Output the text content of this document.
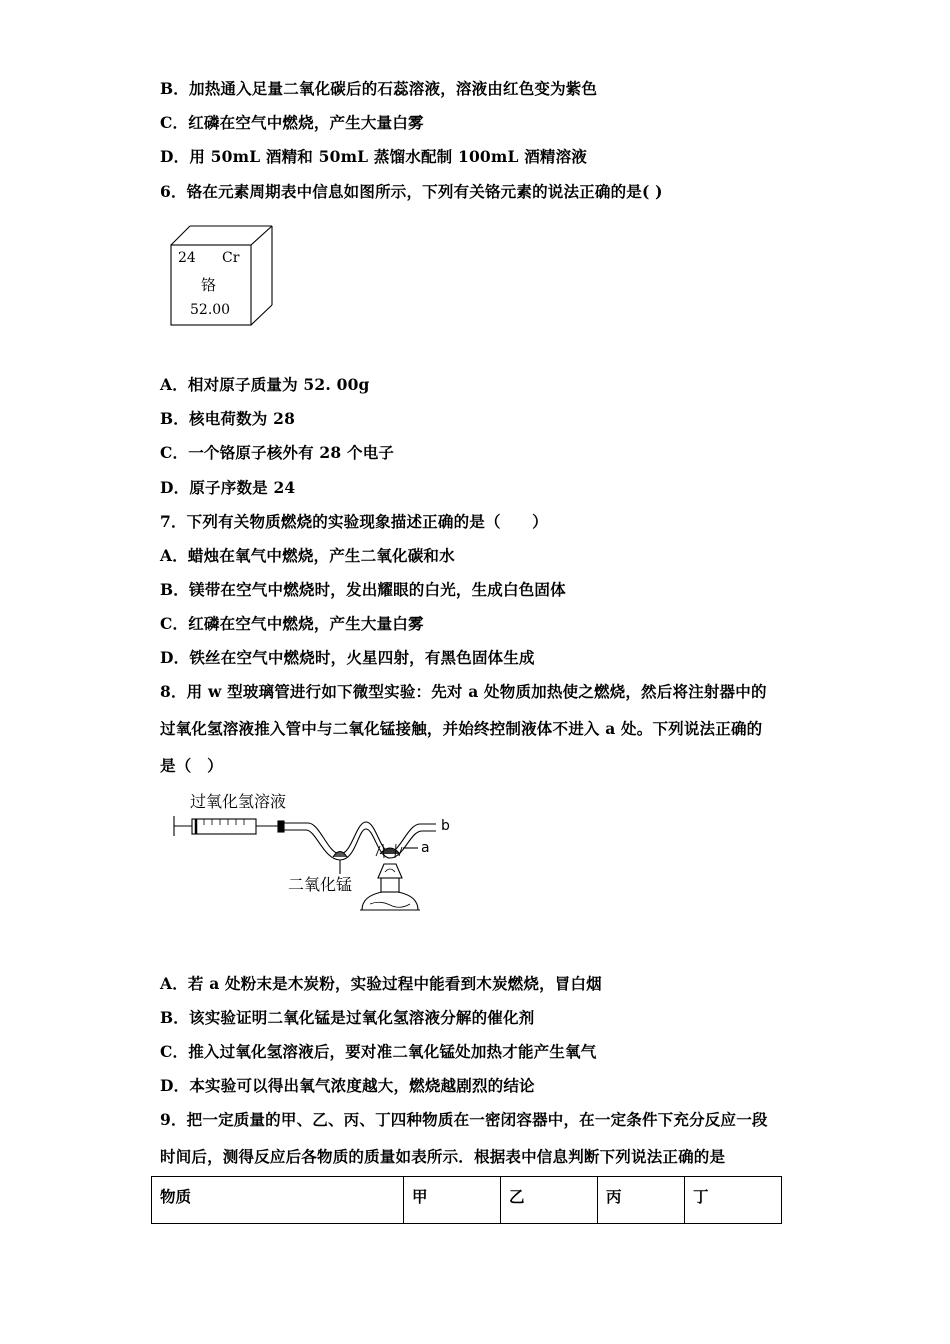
B．加热通入足量二氧化碳后的石蕊溶液，溶液由红色变为紫色
C．红磷在空气中燃烧，产生大量白雾
D．用 50mL 酒精和 50mL 蒸馏水配制 100mL 酒精溶液
6．铬在元素周期表中信息如图所示，下列有关铬元素的说法正确的是( )
24 Cr
铬
52.00
A．相对原子质量为 52. 00g
B．核电荷数为 28
C．一个铬原子核外有 28 个电子
D．原子序数是 24
7．下列有关物质燃烧的实验现象描述正确的是（　　）
A．蜡烛在氧气中燃烧，产生二氧化碳和水
B．镁带在空气中燃烧时，发出耀眼的白光，生成白色固体
C．红磷在空气中燃烧，产生大量白雾
D．铁丝在空气中燃烧时，火星四射，有黑色固体生成
8．用 w 型玻璃管进行如下微型实验：先对 a 处物质加热使之燃烧，然后将注射器中的
过氧化氢溶液推入管中与二氧化锰接触，并始终控制液体不进入 a 处。下列说法正确的
是（　）
过氧化氢溶液
二氧化锰
a
b
A．若 a 处粉末是木炭粉，实验过程中能看到木炭燃烧，冒白烟
B．该实验证明二氧化锰是过氧化氢溶液分解的催化剂
C．推入过氧化氢溶液后，要对准二氧化锰处加热才能产生氧气
D．本实验可以得出氧气浓度越大，燃烧越剧烈的结论
9．把一定质量的甲、乙、丙、丁四种物质在一密闭容器中，在一定条件下充分反应一段
时间后，测得反应后各物质的质量如表所示．根据表中信息判断下列说法正确的是
物质	甲	乙	丙	丁
